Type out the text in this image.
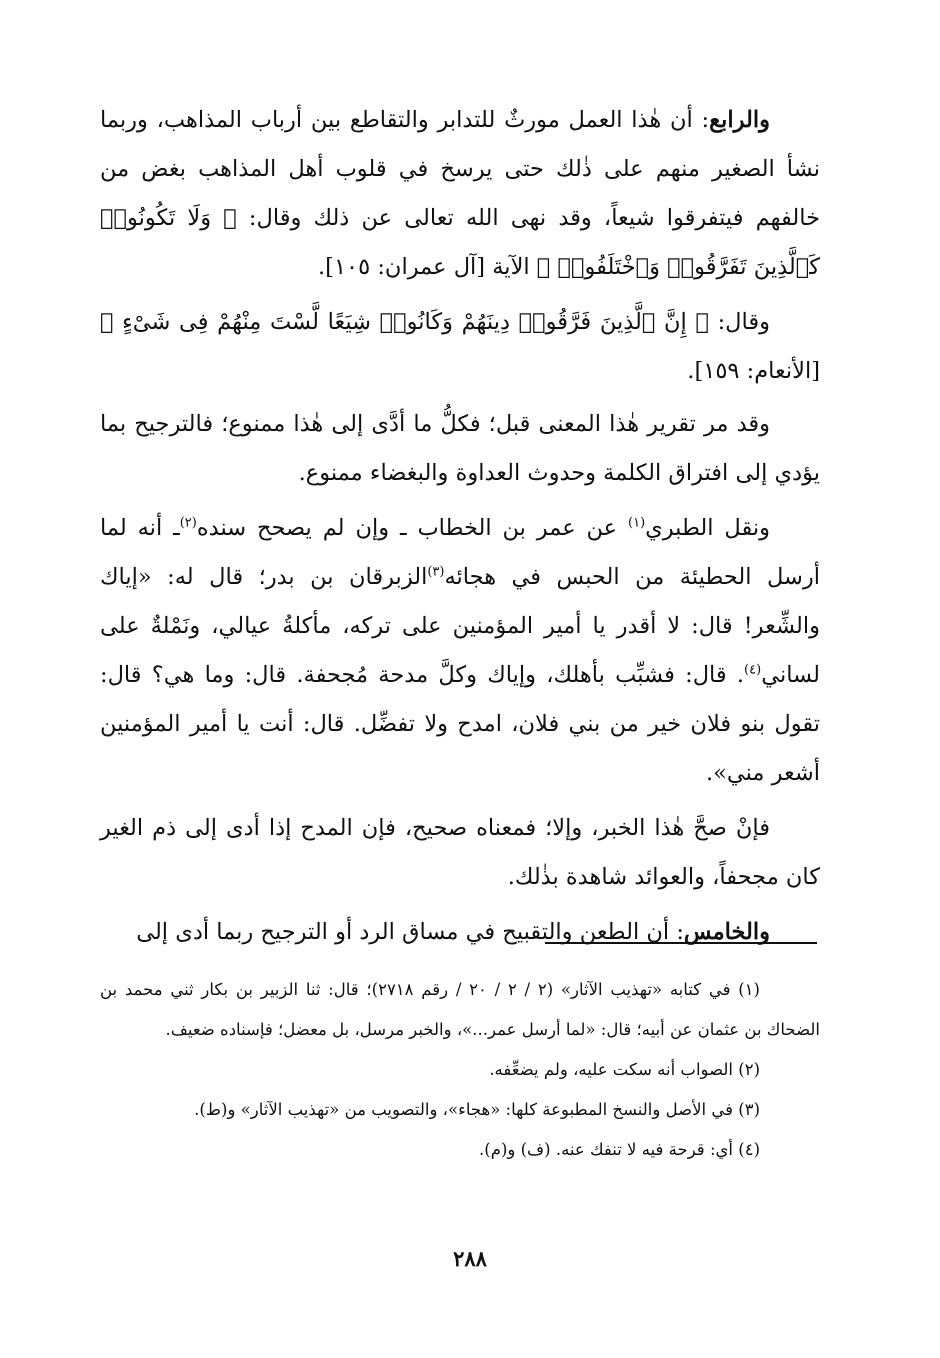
والرابع: أن هٰذا العمل مورثٌ للتدابر والتقاطع بين أرباب المذاهب، وربما نشأ الصغير منهم على ذٰلك حتى يرسخ في قلوب أهل المذاهب بغض من خالفهم فيتفرقوا شيعاً، وقد نهى الله تعالى عن ذلك وقال: ﴿ وَلَا تَكُونُوا۟ كَٱلَّذِينَ تَفَرَّقُوا۟ وَٱخْتَلَفُوا۟ ﴾ الآية [آل عمران: ١٠٥].

وقال: ﴿ إِنَّ ٱلَّذِينَ فَرَّقُوا۟ دِينَهُمْ وَكَانُوا۟ شِيَعًا لَّسْتَ مِنْهُمْ فِى شَىْءٍ ﴾ [الأنعام: ١٥٩].

وقد مر تقرير هٰذا المعنى قبل؛ فكلُّ ما أدَّى إلى هٰذا ممنوع؛ فالترجيح بما يؤدي إلى افتراق الكلمة وحدوث العداوة والبغضاء ممنوع.

ونقل الطبري$^{(١)}$ عن عمر بن الخطاب ـ وإن لم يصحح سنده$^{(٢)}$ـ أنه لما أرسل الحطيئة من الحبس في هجائه$^{(٣)}$الزبرقان بن بدر؛ قال له: «إياك والشِّعر! قال: لا أقدر يا أمير المؤمنين على تركه، مأكلةُ عيالي، ونَمْلةٌ على لساني$^{(٤)}$. قال: فشبِّب بأهلك، وإياك وكلَّ مدحة مُجحفة. قال: وما هي؟ قال: تقول بنو فلان خير من بني فلان، امدح ولا تفضِّل. قال: أنت يا أمير المؤمنين أشعر مني».

فإنْ صحَّ هٰذا الخبر، وإلا؛ فمعناه صحيح، فإن المدح إذا أدى إلى ذم الغير كان مجحفاً، والعوائد شاهدة بذٰلك.

والخامس: أن الطعن والتقبيح في مساق الرد أو الترجيح ربما أدى إلى

(١) في كتابه «تهذيب الآثار» (٢ / ٢ / ٢٠ / رقم ٢٧١٨)؛ قال: ثنا الزبير بن بكار ثني محمد بن الضحاك بن عثمان عن أبيه؛ قال: «لما أرسل عمر...»، والخبر مرسل، بل معضل؛ فإسناده ضعيف.

(٢) الصواب أنه سكت عليه، ولم يضعِّفه.

(٣) في الأصل والنسخ المطبوعة كلها: «هجاء»، والتصويب من «تهذيب الآثار» و(ط).

(٤) أي: قرحة فيه لا تنفك عنه. (ف) و(م).

٢٨٨
